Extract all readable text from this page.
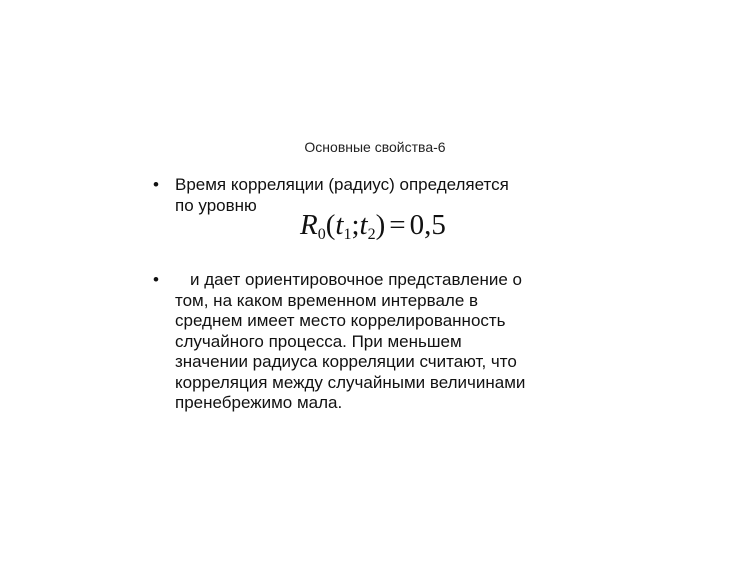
Основные свойства-6
• Время корреляции (радиус) определяется
по уровню
$R_0(t_1;t_2) = 0,5$
•	и дает ориентировочное представление о
том, на каком временном интервале в
среднем имеет место коррелированность
случайного процесса. При меньшем
значении радиуса корреляции считают, что
корреляция между случайными величинами
пренебрежимо мала.
